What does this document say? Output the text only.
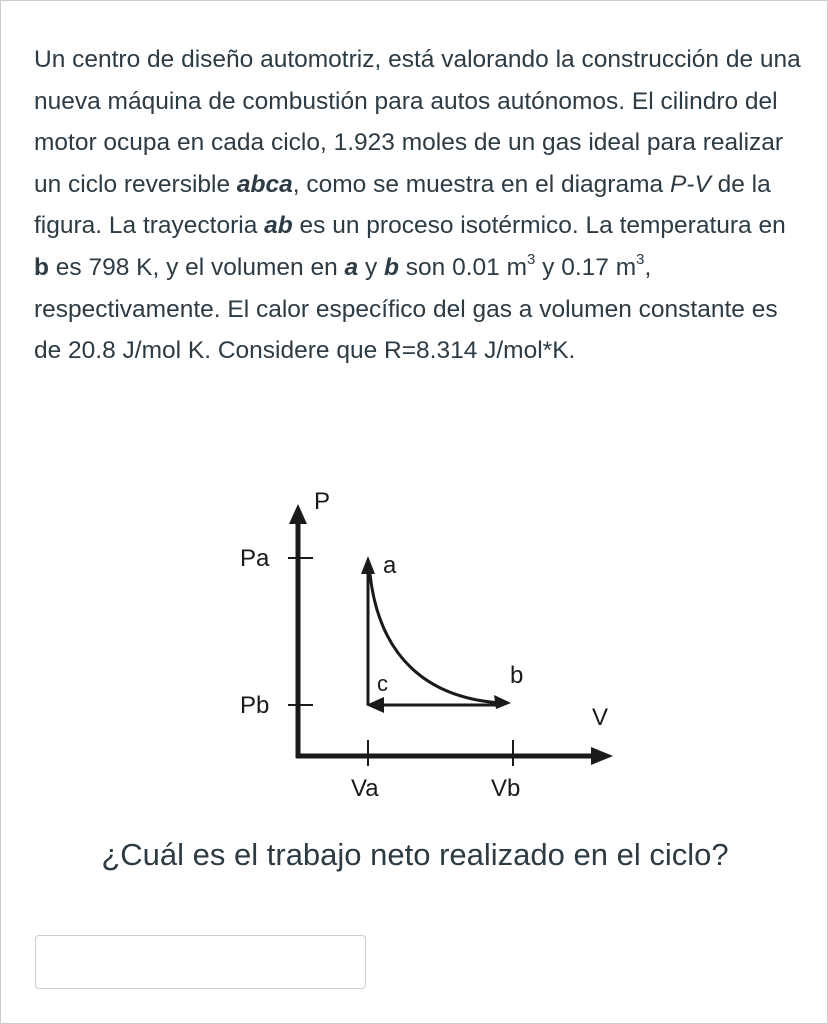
Un centro de diseño automotriz, está valorando la construcción de una nueva máquina de combustión para autos autónomos. El cilindro del motor ocupa en cada ciclo, 1.923 moles de un gas ideal para realizar un ciclo reversible abca, como se muestra en el diagrama P-V de la figura. La trayectoria ab es un proceso isotérmico. La temperatura en b es 798 K, y el volumen en a y b son 0.01 $m^3$ y 0.17 $m^3$, respectivamente. El calor específico del gas a volumen constante es de 20.8 J/mol K. Considere que R=8.314 J/mol*K.
P
V
Pa
Pb
Va	Vb
a
b
c
¿Cuál es el trabajo neto realizado en el ciclo?
